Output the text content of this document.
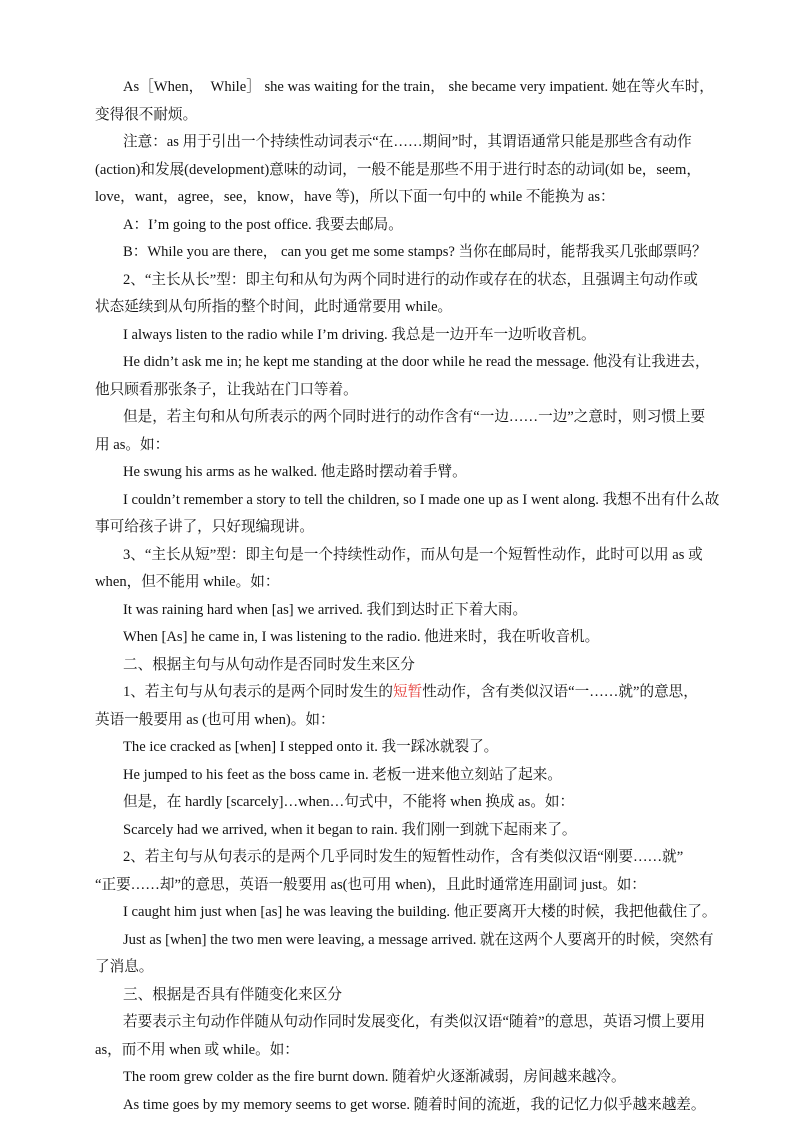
As［When，　While］ she was waiting for the train， she became very impatient. 她在等火车时，
变得很不耐烦。
注意：as 用于引出一个持续性动词表示“在……期间”时，其谓语通常只能是那些含有动作
(action)和发展(development)意味的动词，一般不能是那些不用于进行时态的动词(如 be，seem，
love，want，agree，see，know，have 等)，所以下面一句中的 while 不能换为 as：
A：I’m going to the post office. 我要去邮局。
B：While you are there， can you get me some stamps? 当你在邮局时，能帮我买几张邮票吗？
2、“主长从长”型：即主句和从句为两个同时进行的动作或存在的状态，且强调主句动作或
状态延续到从句所指的整个时间，此时通常要用 while。
I always listen to the radio while I’m driving. 我总是一边开车一边听收音机。
He didn’t ask me in; he kept me standing at the door while he read the message. 他没有让我进去，
他只顾看那张条子，让我站在门口等着。
但是，若主句和从句所表示的两个同时进行的动作含有“一边……一边”之意时，则习惯上要
用 as。如：
He swung his arms as he walked. 他走路时摆动着手臂。
I couldn’t remember a story to tell the children, so I made one up as I went along. 我想不出有什么故
事可给孩子讲了，只好现编现讲。
3、“主长从短”型：即主句是一个持续性动作，而从句是一个短暂性动作，此时可以用 as 或
when，但不能用 while。如：
It was raining hard when [as] we arrived. 我们到达时正下着大雨。
When [As] he came in, I was listening to the radio. 他进来时，我在听收音机。
二、根据主句与从句动作是否同时发生来区分
1、若主句与从句表示的是两个同时发生的短暂性动作，含有类似汉语“一……就”的意思，
英语一般要用 as (也可用 when)。如：
The ice cracked as [when] I stepped onto it. 我一踩冰就裂了。
He jumped to his feet as the boss came in. 老板一进来他立刻站了起来。
但是，在 hardly [scarcely]…when…句式中，不能将 when 换成 as。如：
Scarcely had we arrived, when it began to rain. 我们刚一到就下起雨来了。
2、若主句与从句表示的是两个几乎同时发生的短暂性动作，含有类似汉语“刚要……就”
“正要……却”的意思，英语一般要用 as(也可用 when)，且此时通常连用副词 just。如：
I caught him just when [as] he was leaving the building. 他正要离开大楼的时候，我把他截住了。
Just as [when] the two men were leaving, a message arrived. 就在这两个人要离开的时候，突然有
了消息。
三、根据是否具有伴随变化来区分
若要表示主句动作伴随从句动作同时发展变化，有类似汉语“随着”的意思，英语习惯上要用
as，而不用 when 或 while。如：
The room grew colder as the fire burnt down. 随着炉火逐渐减弱，房间越来越冷。
As time goes by my memory seems to get worse. 随着时间的流逝，我的记忆力似乎越来越差。
